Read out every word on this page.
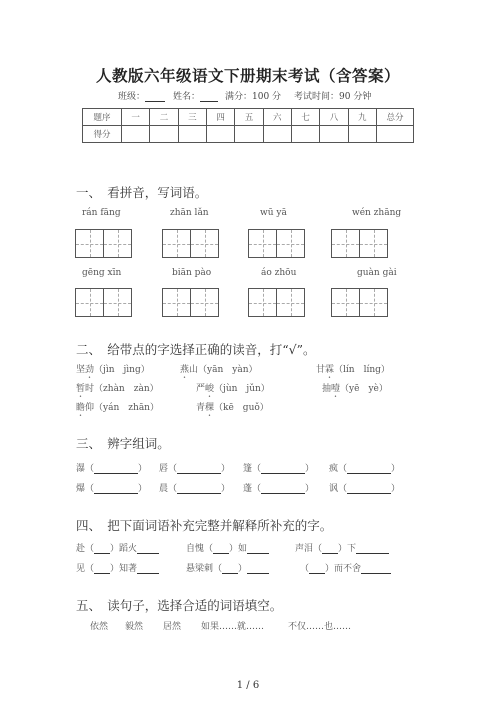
人教版六年级语文下册期末考试（含答案）
班级：	姓名：	满分：100 分 考试时间：90 分钟
题序	一	二	三	四	五	六	七	八	九	总分
得分										
一、　看拼音，写词语。
rán fāng	zhān lǎn	wū yā	wén zhāng
gēng xīn	biān pào	áo zhōu	guàn gài
二、　给带点的字选择正确的读音，打“√”。
坚劲（jìn　jìng）	燕山（yān　yàn）	甘霖（lín　líng）
暂时（zhàn　zàn）	严峻（jùn　jǔn）	抽噎（yē　yè）
瞻仰（yán　zhān）	青稞（kē　guǒ）
三、　辨字组词。
瀑（	） 唇（	） 篷（	） 疯（	）
爆（	） 晨（	） 蓬（	） 讽（	）
四、　把下面词语补充完整并解释所补充的字。
赴（ ）蹈火	自愧（ ）如	声泪（ ）下
见（ ）知著	悬梁刺（ ）	（ ）而不舍
五、　读句子，选择合适的词语填空。
依然 毅然 居然 如果……就……	不仅……也……
1 / 6
